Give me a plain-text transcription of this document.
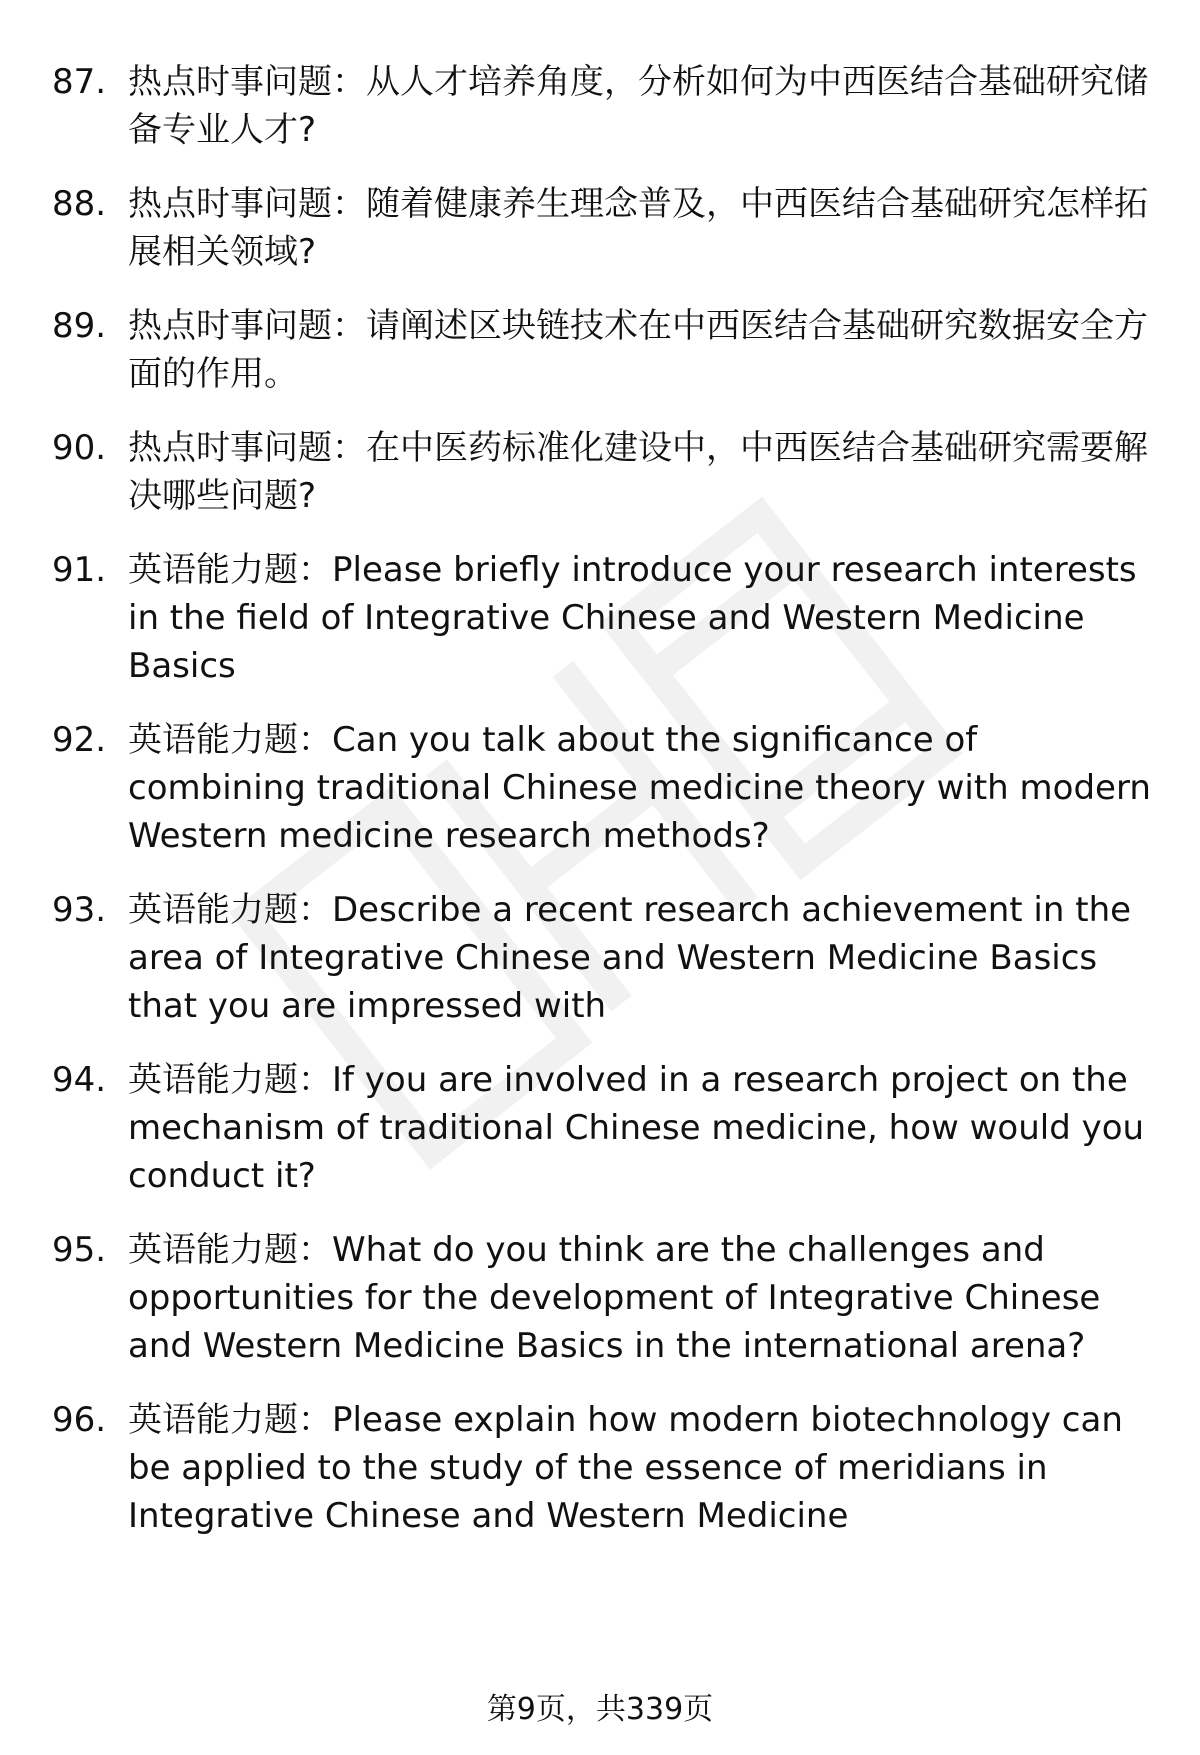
87. 热点时事问题：从人才培养角度，分析如何为中西医结合基础研究储备专业人才?
88. 热点时事问题：随着健康养生理念普及，中西医结合基础研究怎样拓展相关领域?
89. 热点时事问题：请阐述区块链技术在中西医结合基础研究数据安全方面的作用。
90. 热点时事问题：在中医药标准化建设中，中西医结合基础研究需要解决哪些问题?
91. 英语能力题：Please briefly introduce your research interests in the field of Integrative Chinese and Western Medicine Basics
92. 英语能力题：Can you talk about the significance of combining traditional Chinese medicine theory with modern Western medicine research methods?
93. 英语能力题：Describe a recent research achievement in the area of Integrative Chinese and Western Medicine Basics that you are impressed with
94. 英语能力题：If you are involved in a research project on the mechanism of traditional Chinese medicine, how would you conduct it?
95. 英语能力题：What do you think are the challenges and opportunities for the development of Integrative Chinese and Western Medicine Basics in the international arena?
96. 英语能力题：Please explain how modern biotechnology can be applied to the study of the essence of meridians in Integrative Chinese and Western Medicine
第9页，共339页
